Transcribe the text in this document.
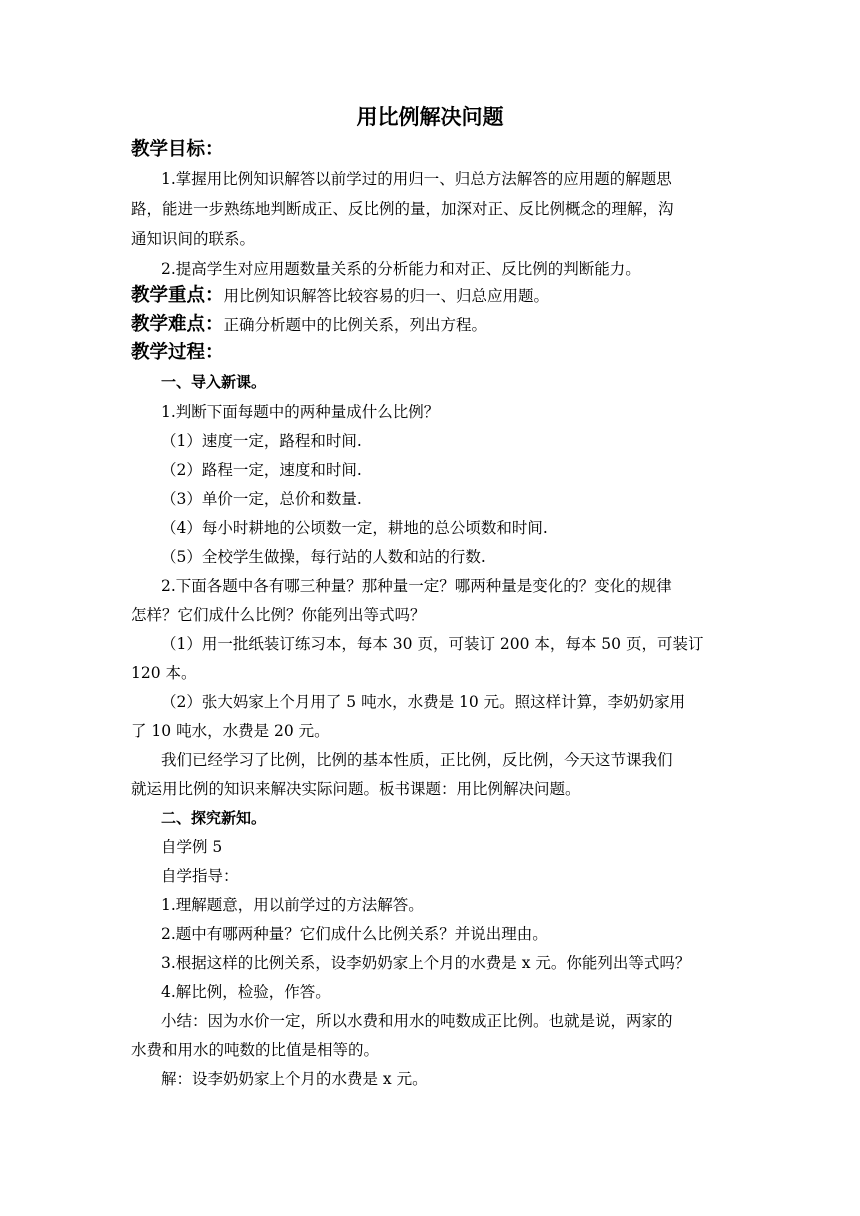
用比例解决问题
教学目标：
1.掌握用比例知识解答以前学过的用归一、归总方法解答的应用题的解题思
路，能进一步熟练地判断成正、反比例的量，加深对正、反比例概念的理解，沟
通知识间的联系。
2.提高学生对应用题数量关系的分析能力和对正、反比例的判断能力。
教学重点：用比例知识解答比较容易的归一、归总应用题。
教学难点：正确分析题中的比例关系，列出方程。
教学过程：
一、导入新课。
1.判断下面每题中的两种量成什么比例？
（1）速度一定，路程和时间.
（2）路程一定，速度和时间.
（3）单价一定，总价和数量.
（4）每小时耕地的公顷数一定，耕地的总公顷数和时间.
（5）全校学生做操，每行站的人数和站的行数.
2.下面各题中各有哪三种量？那种量一定？哪两种量是变化的？变化的规律
怎样？它们成什么比例？你能列出等式吗？
（1）用一批纸装订练习本，每本 30 页，可装订 200 本，每本 50 页，可装订
120 本。
（2）张大妈家上个月用了 5 吨水，水费是 10 元。照这样计算，李奶奶家用
了 10 吨水，水费是 20 元。
我们已经学习了比例，比例的基本性质，正比例，反比例，今天这节课我们
就运用比例的知识来解决实际问题。板书课题：用比例解决问题。
二、探究新知。
自学例 5
自学指导：
1.理解题意，用以前学过的方法解答。
2.题中有哪两种量？它们成什么比例关系？并说出理由。
3.根据这样的比例关系，设李奶奶家上个月的水费是 x 元。你能列出等式吗？
4.解比例，检验，作答。
小结：因为水价一定，所以水费和用水的吨数成正比例。也就是说，两家的
水费和用水的吨数的比值是相等的。
解：设李奶奶家上个月的水费是 x 元。
